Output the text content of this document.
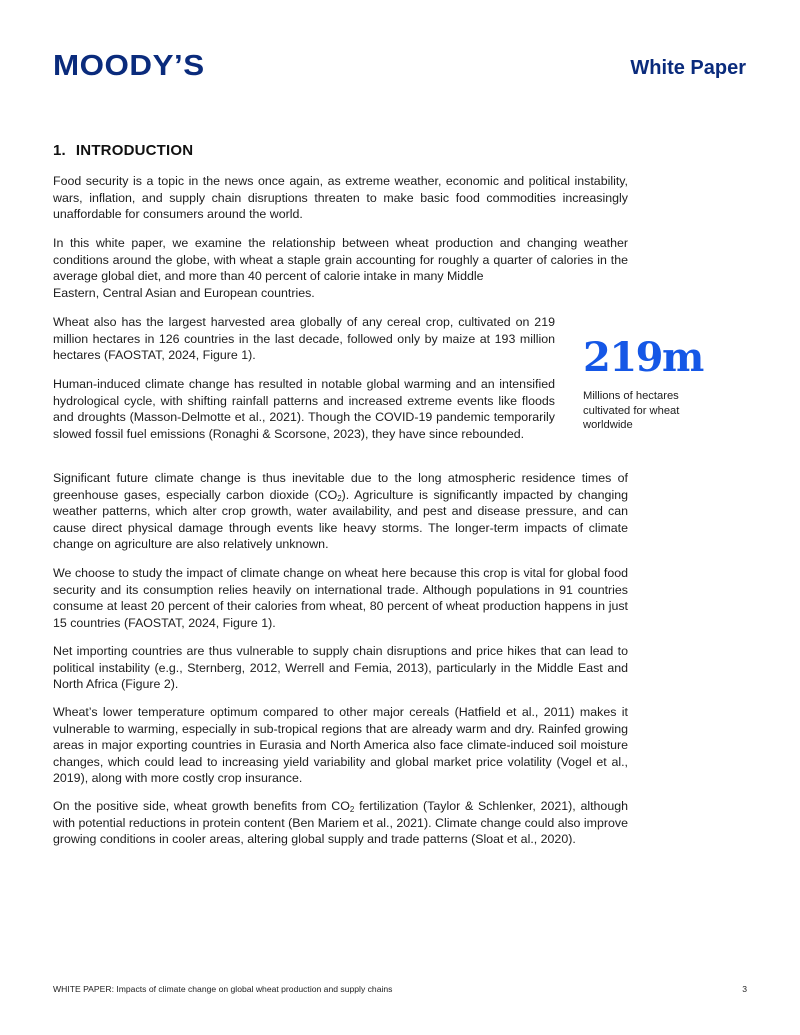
MOODY’S	White Paper
1. INTRODUCTION

Food security is a topic in the news once again, as extreme weather, economic and political instability, wars, inflation, and supply chain disruptions threaten to make basic food commodities increasingly unaffordable for consumers around the world.

In this white paper, we examine the relationship between wheat production and changing weather conditions around the globe, with wheat a staple grain accounting for roughly a quarter of calories in the average global diet, and more than 40 percent of calorie intake in many Middle

Eastern, Central Asian and European countries.

Wheat also has the largest harvested area globally of any cereal crop, cultivated on 219 million hectares in 126 countries in the last decade, followed only by maize at 193 million hectares (FAOSTAT, 2024, Figure 1).

Human-induced climate change has resulted in notable global warming and an intensified hydrological cycle, with shifting rainfall patterns and increased extreme events like floods and droughts (Masson-Delmotte et al., 2021). Though the COVID-19 pandemic temporarily slowed fossil fuel emissions (Ronaghi & Scorsone, 2023), they have since rebounded.

219m
Millions of hectares cultivated for wheat worldwide

Significant future climate change is thus inevitable due to the long atmospheric residence times of greenhouse gases, especially carbon dioxide $(CO_2)$. Agriculture is significantly impacted by changing weather patterns, which alter crop growth, water availability, and pest and disease pressure, and can cause direct physical damage through events like heavy storms. The longer-term impacts of climate change on agriculture are also relatively unknown.

We choose to study the impact of climate change on wheat here because this crop is vital for global food security and its consumption relies heavily on international trade. Although populations in 91 countries consume at least 20 percent of their calories from wheat, 80 percent of wheat production happens in just 15 countries (FAOSTAT, 2024, Figure 1).

Net importing countries are thus vulnerable to supply chain disruptions and price hikes that can lead to political instability (e.g., Sternberg, 2012, Werrell and Femia, 2013), particularly in the Middle East and North Africa (Figure 2).

Wheat’s lower temperature optimum compared to other major cereals (Hatfield et al., 2011) makes it vulnerable to warming, especially in sub-tropical regions that are already warm and dry. Rainfed growing areas in major exporting countries in Eurasia and North America also face climate-induced soil moisture changes, which could lead to increasing yield variability and global market price volatility (Vogel et al., 2019), along with more costly crop insurance.

On the positive side, wheat growth benefits from $CO_2$ fertilization (Taylor & Schlenker, 2021), although with potential reductions in protein content (Ben Mariem et al., 2021). Climate change could also improve growing conditions in cooler areas, altering global supply and trade patterns (Sloat et al., 2020).

WHITE PAPER: Impacts of climate change on global wheat production and supply chains	3
